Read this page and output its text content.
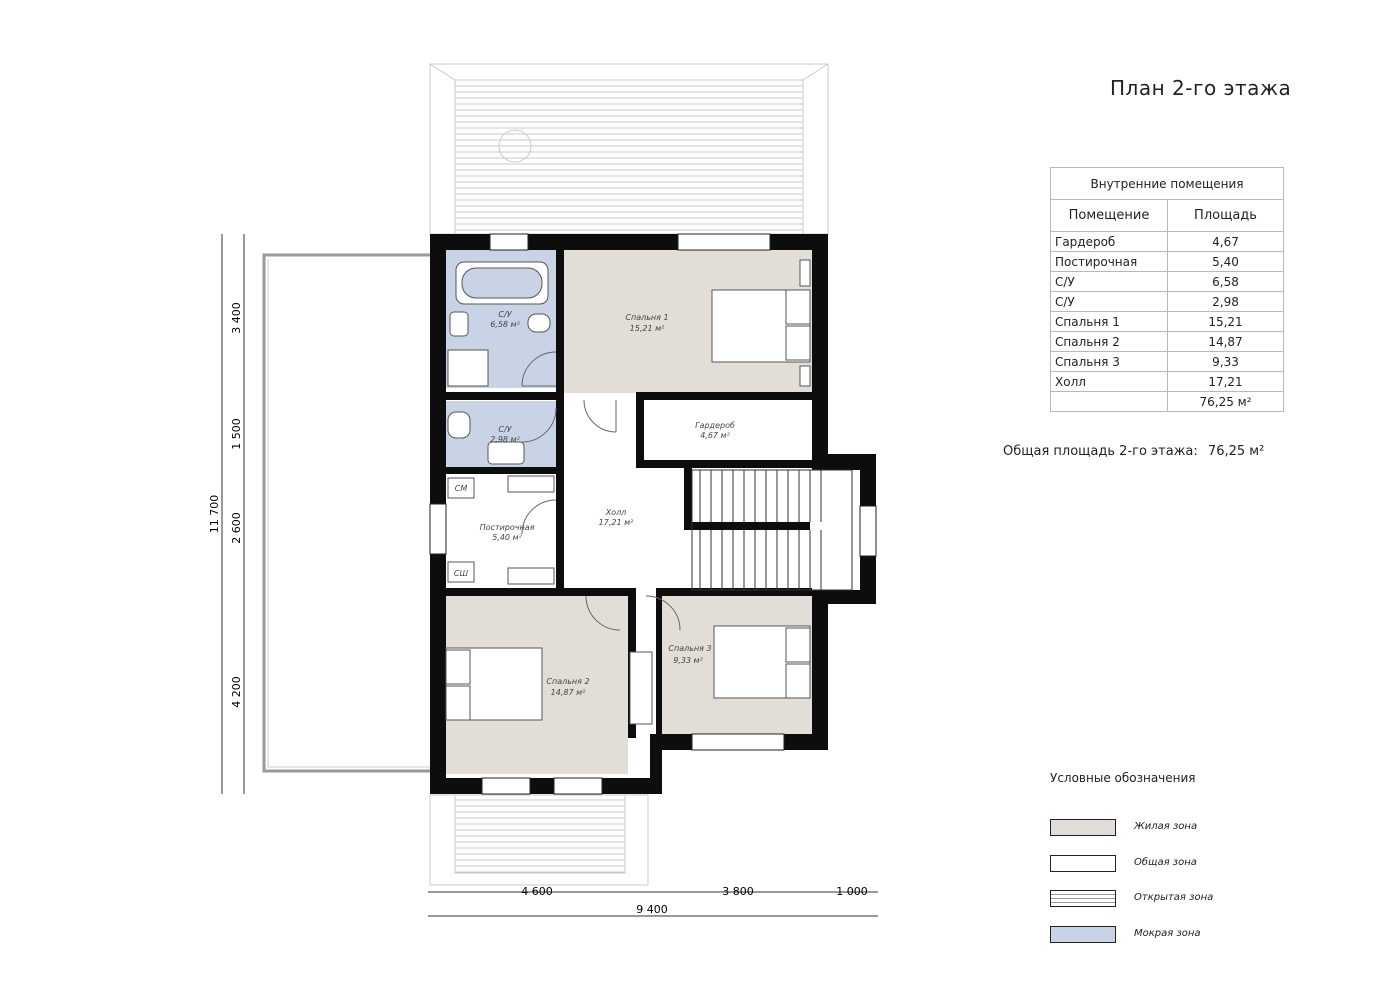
11 700
3 400
1 500
2 600
4 200
4 600	3 800	1 000
9 400
Спальня 1
15,21 м²
С/У
6,58 м²
С/У
2,98 м²
Гардероб
4,67 м²
Постирочная
5,40 м²
Холл
17,21 м²
Спальня 2
14,87 м²
Спальня 3
9,33 м²
СМ
СШ
План 2-го этажа
Внутренние помещения	
Помещение	Площадь
Гардероб	4,67
Постирочная	5,40
С/У	6,58
С/У	2,98
Спальня 1	15,21
Спальня 2	14,87
Спальня 3	9,33
Холл	17,21
	76,25 м²
Общая площадь 2-го этажа: 76,25 м²
Условные обозначения
Жилая зона
Общая зона
Открытая зона
Мокрая зона
